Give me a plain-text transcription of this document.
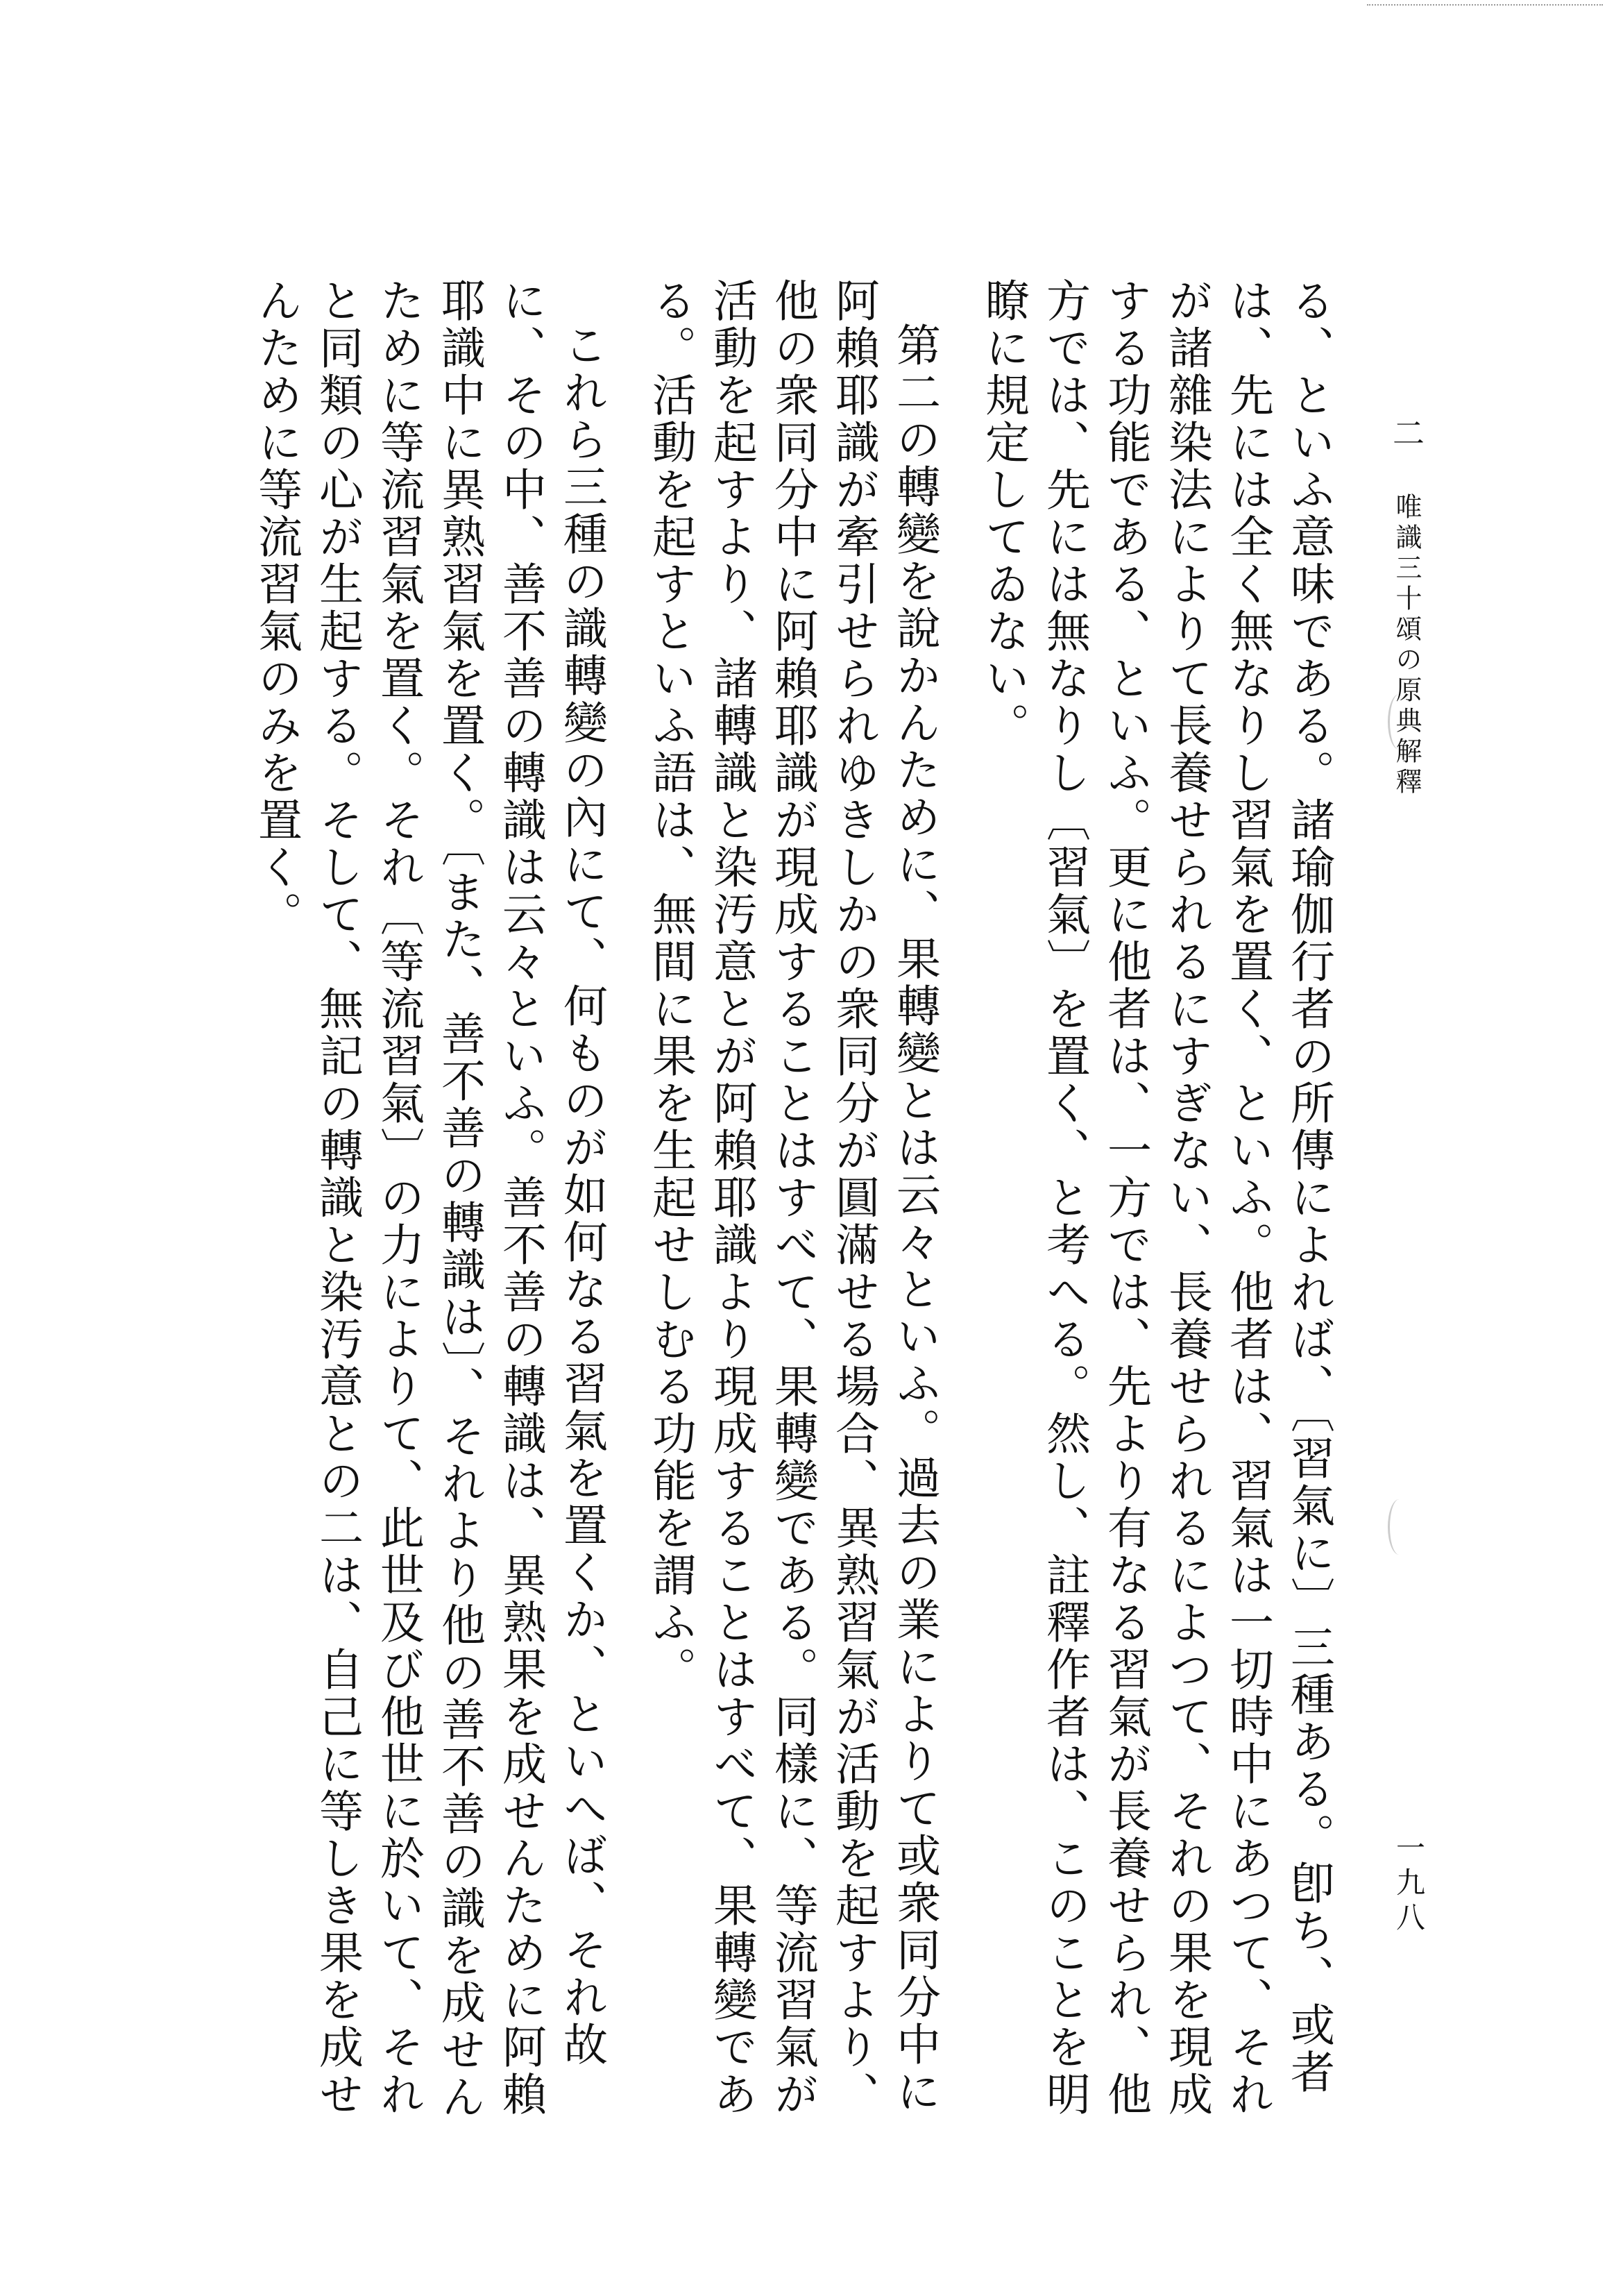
二 唯識三十頌の原典解釋
一九八

る、といふ意味である。諸瑜伽行者の所傳によれば、〔習氣に〕三種ある。卽ち、或者は、先には全く無なりし習氣を置く、といふ。他者は、習氣は一切時中にあつて、それが諸雜染法によりて長養せられるにすぎない、長養せられるによつて、それの果を現成する功能である、といふ。更に他者は、一方では、先より有なる習氣が長養せられ、他方では、先には無なりし〔習氣〕を置く、と考へる。然し、註釋作者は、このことを明瞭に規定してゐない。

第二の轉變を說かんために、果轉變とは云々といふ。過去の業によりて或衆同分中に阿賴耶識が牽引せられゆきしかの衆同分が圓滿せる場合、異熟習氣が活動を起すより、他の衆同分中に阿賴耶識が現成することはすべて、果轉變である。同樣に、等流習氣が活動を起すより、諸轉識と染汚意とが阿賴耶識より現成することはすべて、果轉變である。活動を起すといふ語は、無間に果を生起せしむる功能を謂ふ。

これら三種の識轉變の內にて、何ものが如何なる習氣を置くか、といへば、それ故に、その中、善不善の轉識は云々といふ。善不善の轉識は、異熟果を成せんために阿賴耶識中に異熟習氣を置く。〔また、善不善の轉識は〕、それより他の善不善の識を成せんために等流習氣を置く。それ〔等流習氣〕の力によりて、此世及び他世に於いて、それと同類の心が生起する。そして、無記の轉識と染汚意との二は、自己に等しき果を成せんために等流習氣のみを置く。
